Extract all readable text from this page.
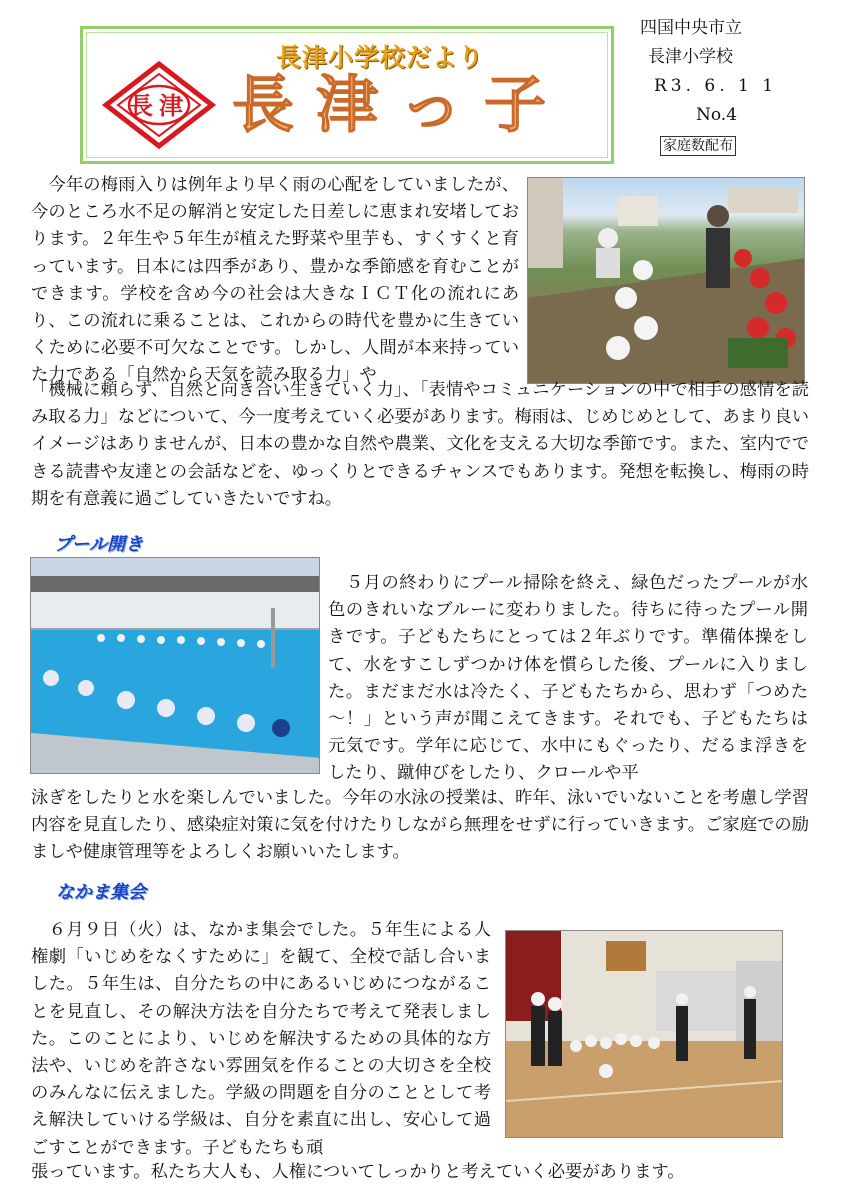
長津小学校だより
長津っ子
長津
四国中央市立
長津小学校
R3. 6. 1 1
No.4
家庭数配布
　今年の梅雨入りは例年より早く雨の心配をしていましたが、今のところ水不足の解消と安定した日差しに恵まれ安堵しております。２年生や５年生が植えた野菜や里芋も、すくすくと育っています。日本には四季があり、豊かな季節感を育むことができます。学校を含め今の社会は大きなＩＣＴ化の流れにあり、この流れに乗ることは、これからの時代を豊かに生きていくために必要不可欠なことです。しかし、人間が本来持っていた力である「自然から天気を読み取る力」や
「機械に頼らず、自然と向き合い生きていく力」、「表情やコミュニケーションの中で相手の感情を読み取る力」などについて、今一度考えていく必要があります。梅雨は、じめじめとして、あまり良いイメージはありませんが、日本の豊かな自然や農業、文化を支える大切な季節です。また、室内でできる読書や友達との会話などを、ゆっくりとできるチャンスでもあります。発想を転換し、梅雨の時期を有意義に過ごしていきたいですね。
プール開き
　５月の終わりにプール掃除を終え、緑色だったプールが水色のきれいなブルーに変わりました。待ちに待ったプール開きです。子どもたちにとっては２年ぶりです。準備体操をして、水をすこしずつかけ体を慣らした後、プールに入りました。まだまだ水は冷たく、子どもたちから、思わず「つめた～！」という声が聞こえてきます。それでも、子どもたちは元気です。学年に応じて、水中にもぐったり、だるま浮きをしたり、蹴伸びをしたり、クロールや平
泳ぎをしたりと水を楽しんでいました。今年の水泳の授業は、昨年、泳いでいないことを考慮し学習内容を見直したり、感染症対策に気を付けたりしながら無理をせずに行っていきます。ご家庭での励ましや健康管理等をよろしくお願いいたします。
なかま集会
　６月９日（火）は、なかま集会でした。５年生による人権劇「いじめをなくすために」を観て、全校で話し合いました。５年生は、自分たちの中にあるいじめにつながることを見直し、その解決方法を自分たちで考えて発表しました。このことにより、いじめを解決するための具体的な方法や、いじめを許さない雰囲気を作ることの大切さを全校のみんなに伝えました。学級の問題を自分のこととして考え解決していける学級は、自分を素直に出し、安心して過ごすことができます。子どもたちも頑
張っています。私たち大人も、人権についてしっかりと考えていく必要があります。
